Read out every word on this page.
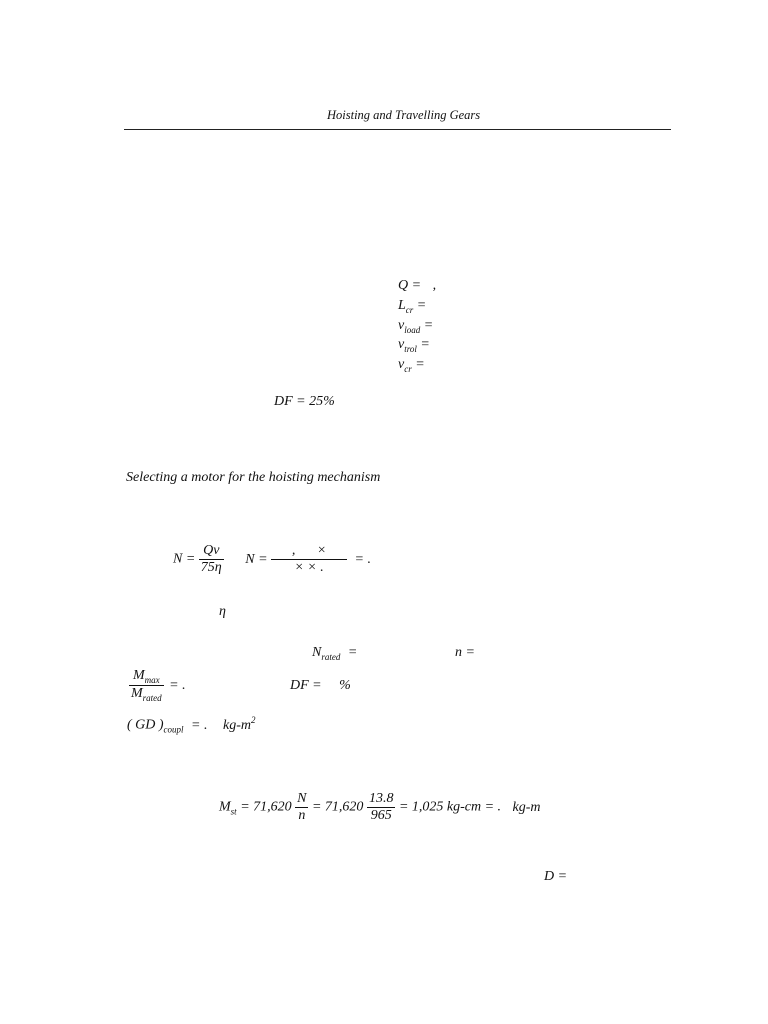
Hoisting and Travelling Gears
Q = ,
$L_{cr}$ =
$v_{load}$ =
$v_{trol}$ =
$v_{cr}$ =
DF = 25%
Selecting a motor for the hoisting mechanism
$N = \frac{Qv}{75\eta}$ $N = \frac{, \times}{\times \times .}$ = .
η
$N_{rated}$ =	n =
$\frac{M_{max}}{M_{rated}}$ = .	DF = %
( GD )$_{coupl}$ = . $kg-m^2$
$M_{st} = 71,620 \frac{N}{n} = 71,620 \frac{13.8}{965} = 1,025$ kg-cm = . kg-m
D =
